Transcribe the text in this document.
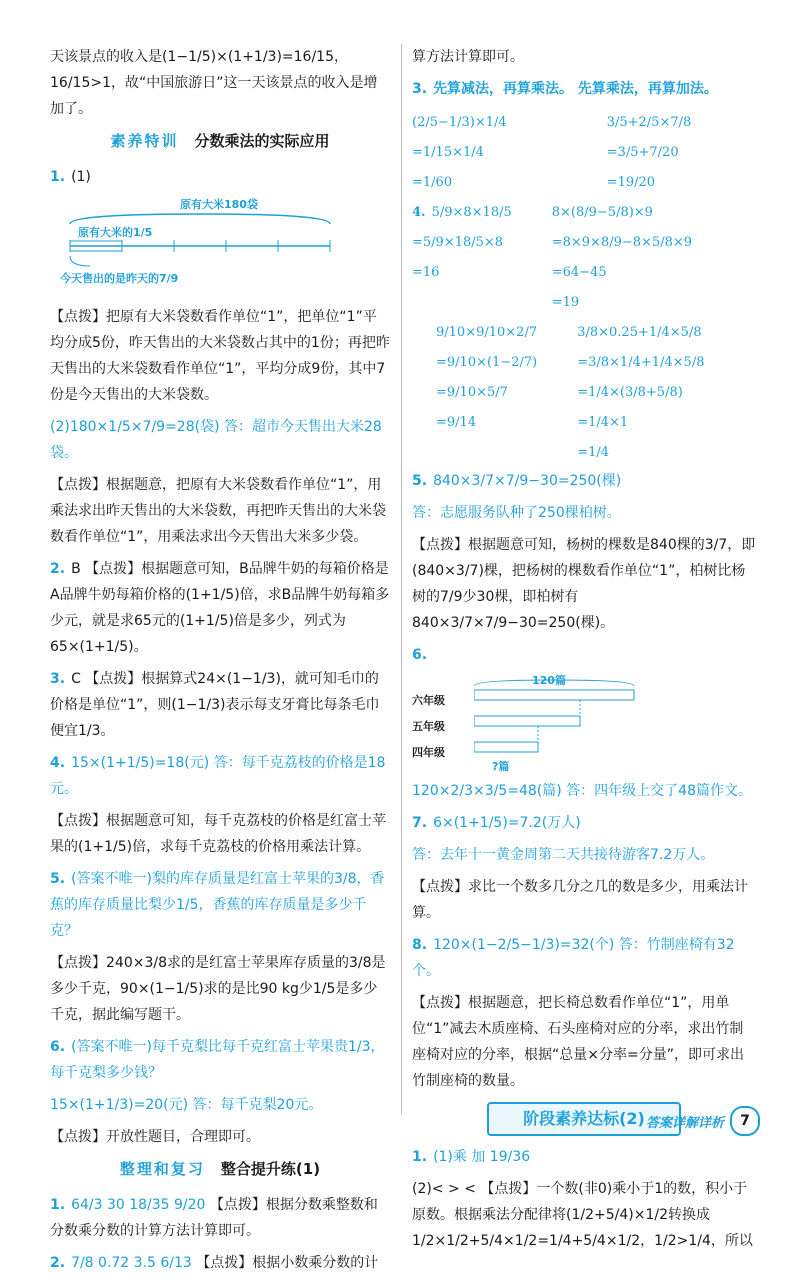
天该景点的收入是(1−1/5)×(1+1/3)=16/15，16/15>1，故“中国旅游日”这一天该景点的收入是增加了。

素养特训 分数乘法的实际应用
1. (1)
原有大米180袋
原有大米的1/5
今天售出的是昨天的7/9

【点拨】把原有大米袋数看作单位“1”，把单位“1”平均分成5份，昨天售出的大米袋数占其中的1份；再把昨天售出的大米袋数看作单位“1”，平均分成9份，其中7份是今天售出的大米袋数。

(2)180×1/5×7/9=28(袋) 答：超市今天售出大米28袋。

【点拨】根据题意，把原有大米袋数看作单位“1”，用乘法求出昨天售出的大米袋数，再把昨天售出的大米袋数看作单位“1”，用乘法求出今天售出大米多少袋。

2. B 【点拨】根据题意可知，B品牌牛奶的每箱价格是A品牌牛奶每箱价格的(1+1/5)倍，求B品牌牛奶每箱多少元，就是求65元的(1+1/5)倍是多少，列式为65×(1+1/5)。

3. C 【点拨】根据算式24×(1−1/3)，就可知毛巾的价格是单位“1”，则(1−1/3)表示每支牙膏比每条毛巾便宜1/3。

4. 15×(1+1/5)=18(元) 答：每千克荔枝的价格是18元。

【点拨】根据题意可知，每千克荔枝的价格是红富士苹果的(1+1/5)倍，求每千克荔枝的价格用乘法计算。

5. (答案不唯一)梨的库存质量是红富士苹果的3/8，香蕉的库存质量比梨少1/5，香蕉的库存质量是多少千克？

【点拨】240×3/8求的是红富士苹果库存质量的3/8是多少千克，90×(1−1/5)求的是比90 kg少1/5是多少千克，据此编写题干。

6. (答案不唯一)每千克梨比每千克红富士苹果贵1/3，每千克梨多少钱？

15×(1+1/3)=20(元) 答：每千克梨20元。

【点拨】开放性题目，合理即可。

整理和复习 整合提升练(1)

1. 64/3 30 18/35 9/20 【点拨】根据分数乘整数和分数乘分数的计算方法计算即可。

2. 7/8 0.72 3.5 6/13 【点拨】根据小数乘分数的计

算方法计算即可。

3. 先算减法，再算乘法。 先算乘法，再算加法。

(2/5−1/3)×1/4
=1/15×1/4
=1/60
3/5+2/5×7/8
=3/5+7/20
=19/20
4. 5/9×8×18/5
=5/9×18/5×8
=16
8×(8/9−5/8)×9
=8×9×8/9−8×5/8×9
=64−45
=19
9/10×9/10×2/7
=9/10×(1−2/7)
=9/10×5/7
=9/14
3/8×0.25+1/4×5/8
=3/8×1/4+1/4×5/8
=1/4×(3/8+5/8)
=1/4×1
=1/4

5. 840×3/7×7/9−30=250(棵)

答：志愿服务队种了250棵柏树。

【点拨】根据题意可知，杨树的棵数是840棵的3/7，即(840×3/7)棵，把杨树的棵数看作单位“1”，柏树比杨树的7/9少30棵，即柏树有840×3/7×7/9−30=250(棵)。

6.
120篇
六年级
五年级
四年级
?篇

120×2/3×3/5=48(篇) 答：四年级上交了48篇作文。

7. 6×(1+1/5)=7.2(万人)

答：去年十一黄金周第二天共接待游客7.2万人。

【点拨】求比一个数多几分之几的数是多少，用乘法计算。

8. 120×(1−2/5−1/3)=32(个) 答：竹制座椅有32个。

【点拨】根据题意，把长椅总数看作单位“1”，用单位“1”减去木质座椅、石头座椅对应的分率，求出竹制座椅对应的分率，根据“总量×分率=分量”，即可求出竹制座椅的数量。

阶段素养达标(2)

1. (1)乘 加 19/36

(2)< > < 【点拨】一个数(非0)乘小于1的数，积小于原数。根据乘法分配律将(1/2+5/4)×1/2转换成1/2×1/2+5/4×1/2=1/4+5/4×1/2，1/2>1/4，所以

答案详解详析	7
